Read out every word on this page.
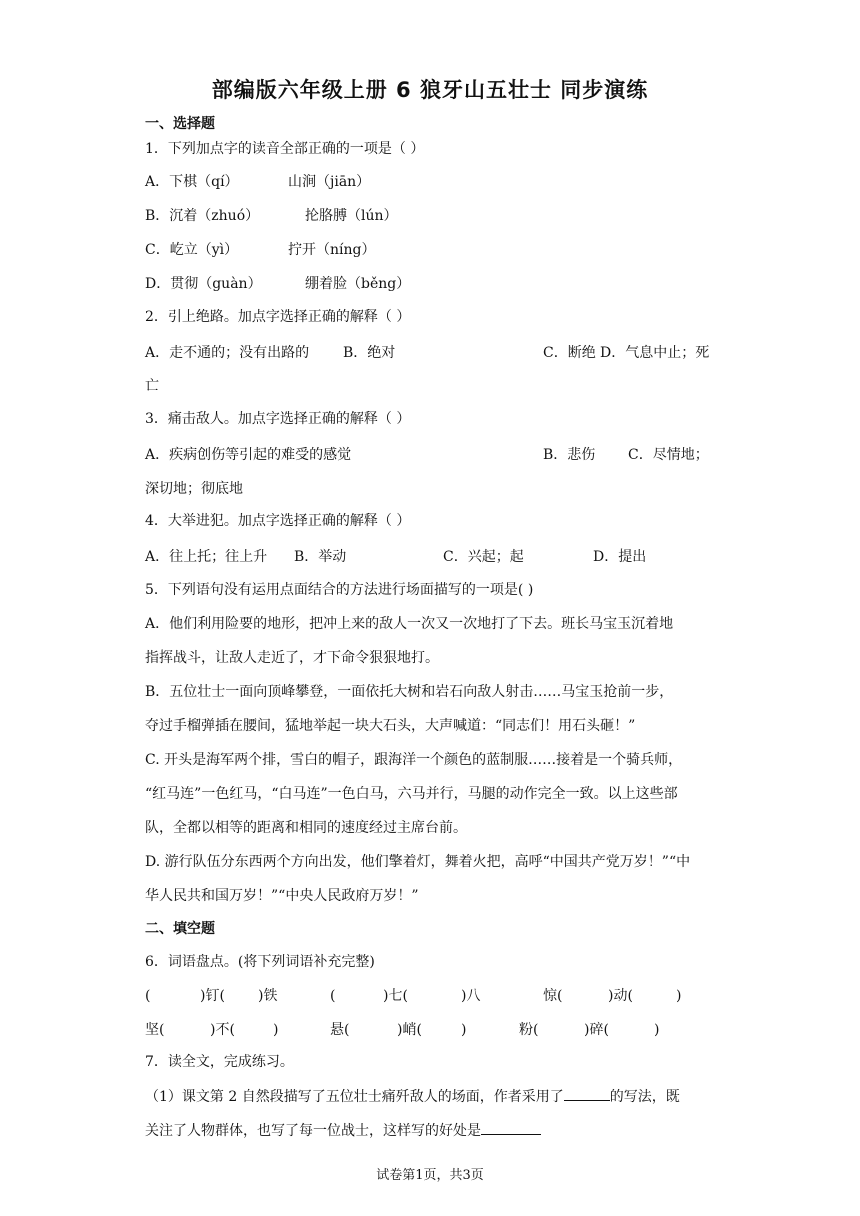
部编版六年级上册 6 狼牙山五壮士 同步演练
一、选择题
1．下列加点字的读音全部正确的一项是（ ）
A．下棋（qí）	山涧（jiān）
B．沉着（zhuó）	抡胳膊（lún）
C．屹立（yì）	拧开（níng）
D．贯彻（guàn）	绷着脸（běng）
2．引上绝路。加点字选择正确的解释（ ）
A．走不通的；没有出路的 B．绝对	C．断绝 D．气息中止；死
亡
3．痛击敌人。加点字选择正确的解释（ ）
A．疾病创伤等引起的难受的感觉	B．悲伤 C．尽情地；
深切地；彻底地
4．大举进犯。加点字选择正确的解释（ ）
A．往上托；往上升 B．举动	C．兴起；起	D．提出
5．下列语句没有运用点面结合的方法进行场面描写的一项是( )
A．他们利用险要的地形，把冲上来的敌人一次又一次地打了下去。班长马宝玉沉着地
指挥战斗，让敌人走近了，才下命令狠狠地打。
B．五位壮士一面向顶峰攀登，一面依托大树和岩石向敌人射击……马宝玉抢前一步，
夺过手榴弹插在腰间，猛地举起一块大石头，大声喊道：“同志们！用石头砸！”
C. 开头是海军两个排，雪白的帽子，跟海洋一个颜色的蓝制服……接着是一个骑兵师，
“红马连”一色红马，“白马连”一色白马，六马并行，马腿的动作完全一致。以上这些部
队，全都以相等的距离和相同的速度经过主席台前。
D. 游行队伍分东西两个方向出发，他们擎着灯，舞着火把，高呼“中国共产党万岁！”“中
华人民共和国万岁！”“中央人民政府万岁！”
二、填空题
6．词语盘点。(将下列词语补充完整)
(	)钉( )铁	(	)七(	)八	惊(	)动(	)
坚(	)不(	)	悬(	)峭(	)	粉(	)碎(	)
7．读全文，完成练习。
（1）课文第 2 自然段描写了五位壮士痛歼敌人的场面，作者采用了	的写法，既
关注了人物群体，也写了每一位战士，这样写的好处是
试卷第1页，共3页
